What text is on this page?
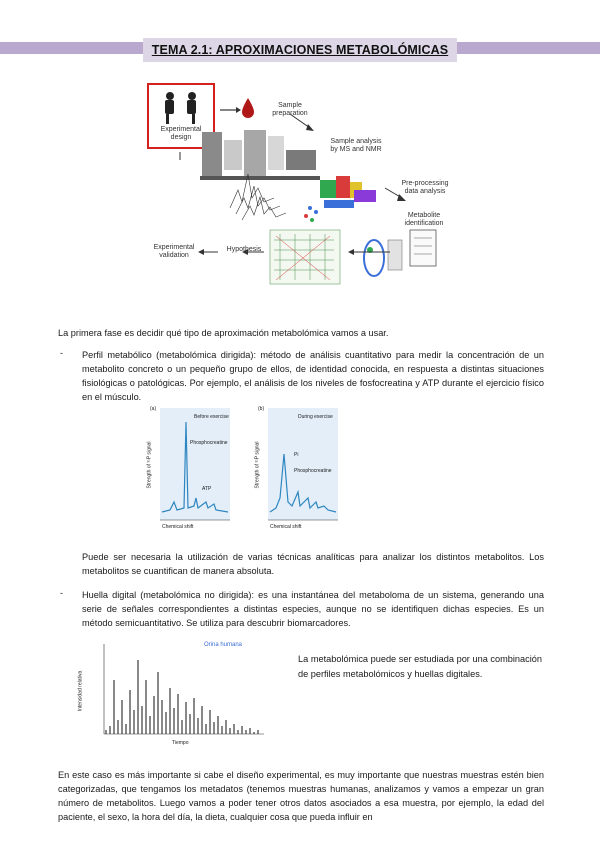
TEMA 2.1: APROXIMACIONES METABOLÓMICAS
Experimental
design
Sample
preparation
Sample analysis
by MS and NMR
Pre-processing
data analysis
Metabolite
identification
Hypothesis
Experimental
validation

La primera fase es decidir qué tipo de aproximación metabolómica vamos a usar.

- Perfil metabólico (metabolómica dirigida): método de análisis cuantitativo para medir la concentración de un metabolito concreto o un pequeño grupo de ellos, de identidad conocida, en respuesta a distintas situaciones fisiológicas o patológicas. Por ejemplo, el análisis de los niveles de fosfocreatina y ATP durante el ejercicio físico en el músculo.

(a)
Before exercise
Phosphocreatine
ATP
Chemical shift
Strength of ³¹P signal
(b)
During exercise
Pi
Phosphocreatine
Chemical shift
Strength of ³¹P signal

Puede ser necesaria la utilización de varias técnicas analíticas para analizar los distintos metabolitos. Los metabolitos se cuantifican de manera absoluta.

- Huella digital (metabolómica no dirigida): es una instantánea del metaboloma de un sistema, generando una serie de señales correspondientes a distintas especies, aunque no se identifiquen dichas especies. Es un método semicuantitativo. Se utiliza para descubrir biomarcadores.

Orina humana
Tiempo
Intensidad relativa

La metabolómica puede ser estudiada por una combinación de perfiles metabolómicos y huellas digitales.

En este caso es más importante si cabe el diseño experimental, es muy importante que nuestras muestras estén bien categorizadas, que tengamos los metadatos (tenemos muestras humanas, analizamos y vamos a empezar un gran número de metabolitos. Luego vamos a poder tener otros datos asociados a esa muestra, por ejemplo, la edad del paciente, el sexo, la hora del día, la dieta, cualquier cosa que pueda influir en
